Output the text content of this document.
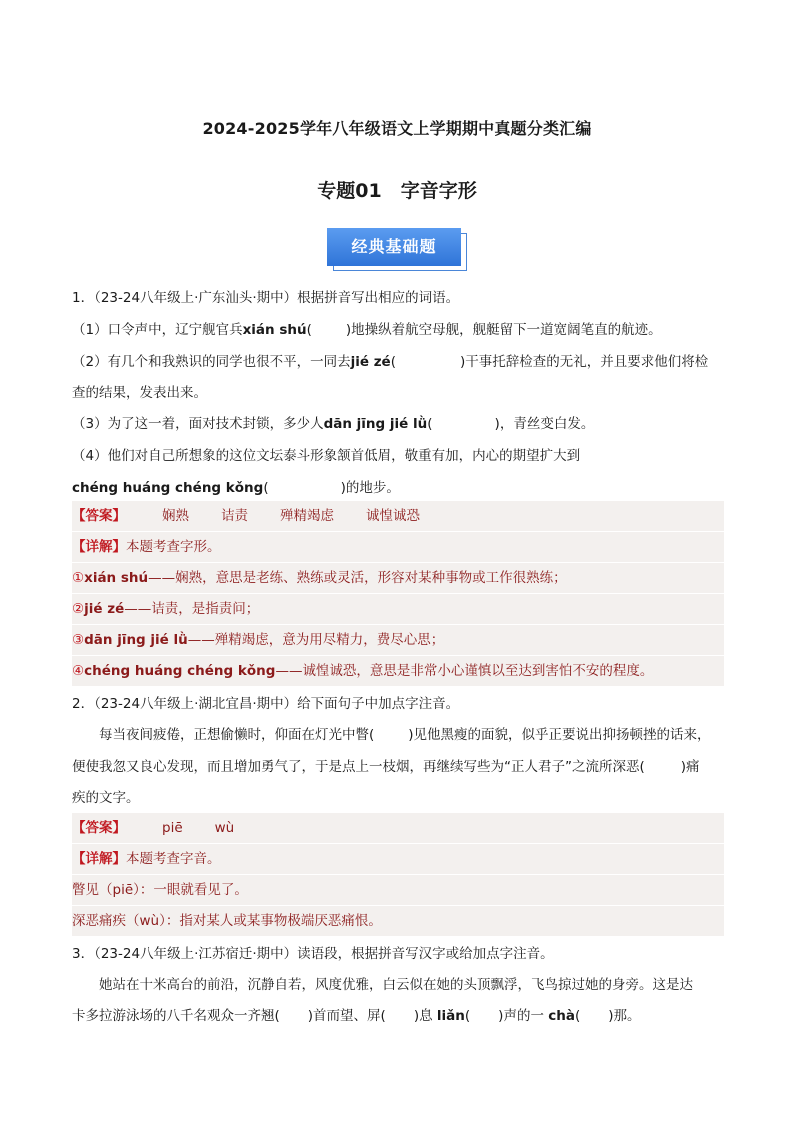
2024-2025学年八年级语文上学期期中真题分类汇编
专题01　字音字形
经典基础题
1．（23-24八年级上·广东汕头·期中）根据拼音写出相应的词语。
（1）口令声中，辽宁舰官兵xián shú(	)地操纵着航空母舰，舰艇留下一道宽阔笔直的航迹。
（2）有几个和我熟识的同学也很不平，一同去jié zé(	)干事托辞检查的无礼，并且要求他们将检
查的结果，发表出来。
（3）为了这一着，面对技术封锁，多少人dān jīng jié lǜ(	)，青丝变白发。
（4）他们对自己所想象的这位文坛泰斗形象颔首低眉，敬重有加，内心的期望扩大到
chéng huáng chéng kǒng(	)的地步。
【答案】	娴熟 诘责 殚精竭虑 诚惶诚恐
【详解】本题考查字形。
①xián shú——娴熟，意思是老练、熟练或灵活，形容对某种事物或工作很熟练；
②jié zé——诘责，是指责问；
③dān jīng jié lǜ——殚精竭虑，意为用尽精力，费尽心思；
④chéng huáng chéng kǒng——诚惶诚恐，意思是非常小心谨慎以至达到害怕不安的程度。
2．（23-24八年级上·湖北宜昌·期中）给下面句子中加点字注音。
每当夜间疲倦，正想偷懒时，仰面在灯光中瞥(	)见他黑瘦的面貌，似乎正要说出抑扬顿挫的话来，
便使我忽又良心发现，而且增加勇气了，于是点上一枝烟，再继续写些为“正人君子”之流所深恶(	)痛
疾的文字。
【答案】	piē wù
【详解】本题考查字音。
瞥见（piē）：一眼就看见了。
深恶痛疾（wù）：指对某人或某事物极端厌恶痛恨。
3．（23-24八年级上·江苏宿迁·期中）读语段，根据拼音写汉字或给加点字注音。
她站在十米高台的前沿，沉静自若，风度优雅，白云似在她的头顶飘浮，飞鸟掠过她的身旁。这是达
卡多拉游泳场的八千名观众一齐翘( )首而望、屏( )息 liǎn( )声的一 chà( )那。
